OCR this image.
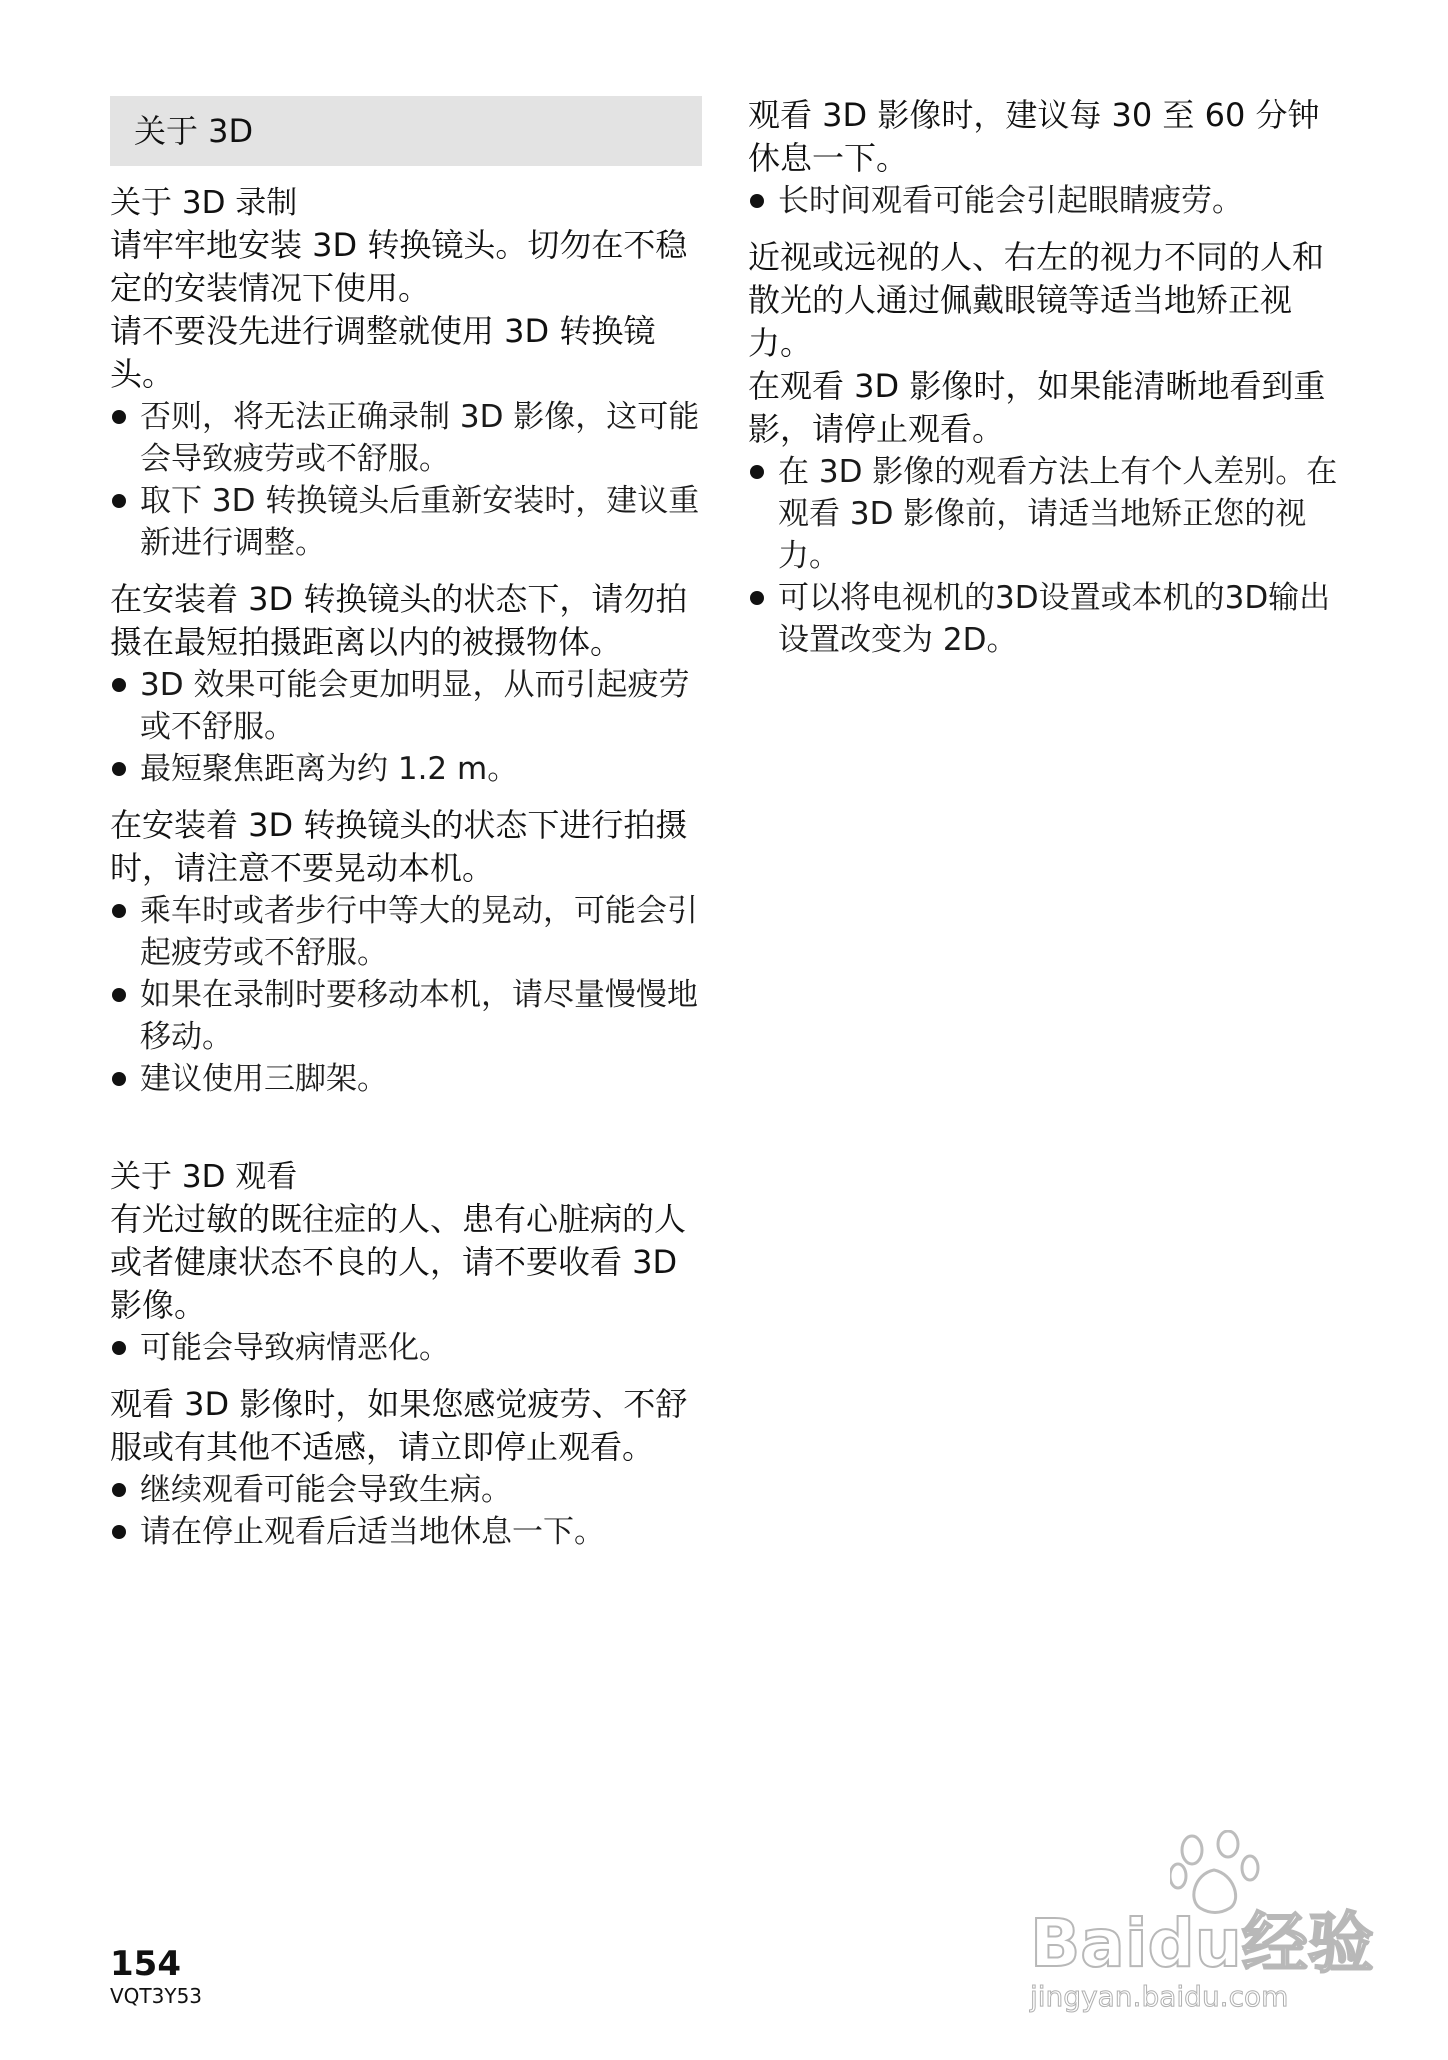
关于 3D
关于 3D 录制
请牢牢地安装 3D 转换镜头。切勿在不稳定的安装情况下使用。
请不要没先进行调整就使用 3D 转换镜头。
否则，将无法正确录制 3D 影像，这可能会导致疲劳或不舒服。
取下 3D 转换镜头后重新安装时，建议重新进行调整。
在安装着 3D 转换镜头的状态下，请勿拍摄在最短拍摄距离以内的被摄物体。
3D 效果可能会更加明显，从而引起疲劳或不舒服。
最短聚焦距离为约 1.2 m。
在安装着 3D 转换镜头的状态下进行拍摄时，请注意不要晃动本机。
乘车时或者步行中等大的晃动，可能会引起疲劳或不舒服。
如果在录制时要移动本机，请尽量慢慢地移动。
建议使用三脚架。
关于 3D 观看
有光过敏的既往症的人、患有心脏病的人或者健康状态不良的人，请不要收看 3D 影像。
可能会导致病情恶化。
观看 3D 影像时，如果您感觉疲劳、不舒服或有其他不适感，请立即停止观看。
继续观看可能会导致生病。
请在停止观看后适当地休息一下。
观看 3D 影像时，建议每 30 至 60 分钟休息一下。
长时间观看可能会引起眼睛疲劳。
近视或远视的人、右左的视力不同的人和散光的人通过佩戴眼镜等适当地矫正视力。
在观看 3D 影像时，如果能清晰地看到重影，请停止观看。
在 3D 影像的观看方法上有个人差别。在观看 3D 影像前，请适当地矫正您的视力。
可以将电视机的3D设置或本机的3D输出设置改变为 2D。
154
VQT3Y53
Baidu经验
jingyan.baidu.com
